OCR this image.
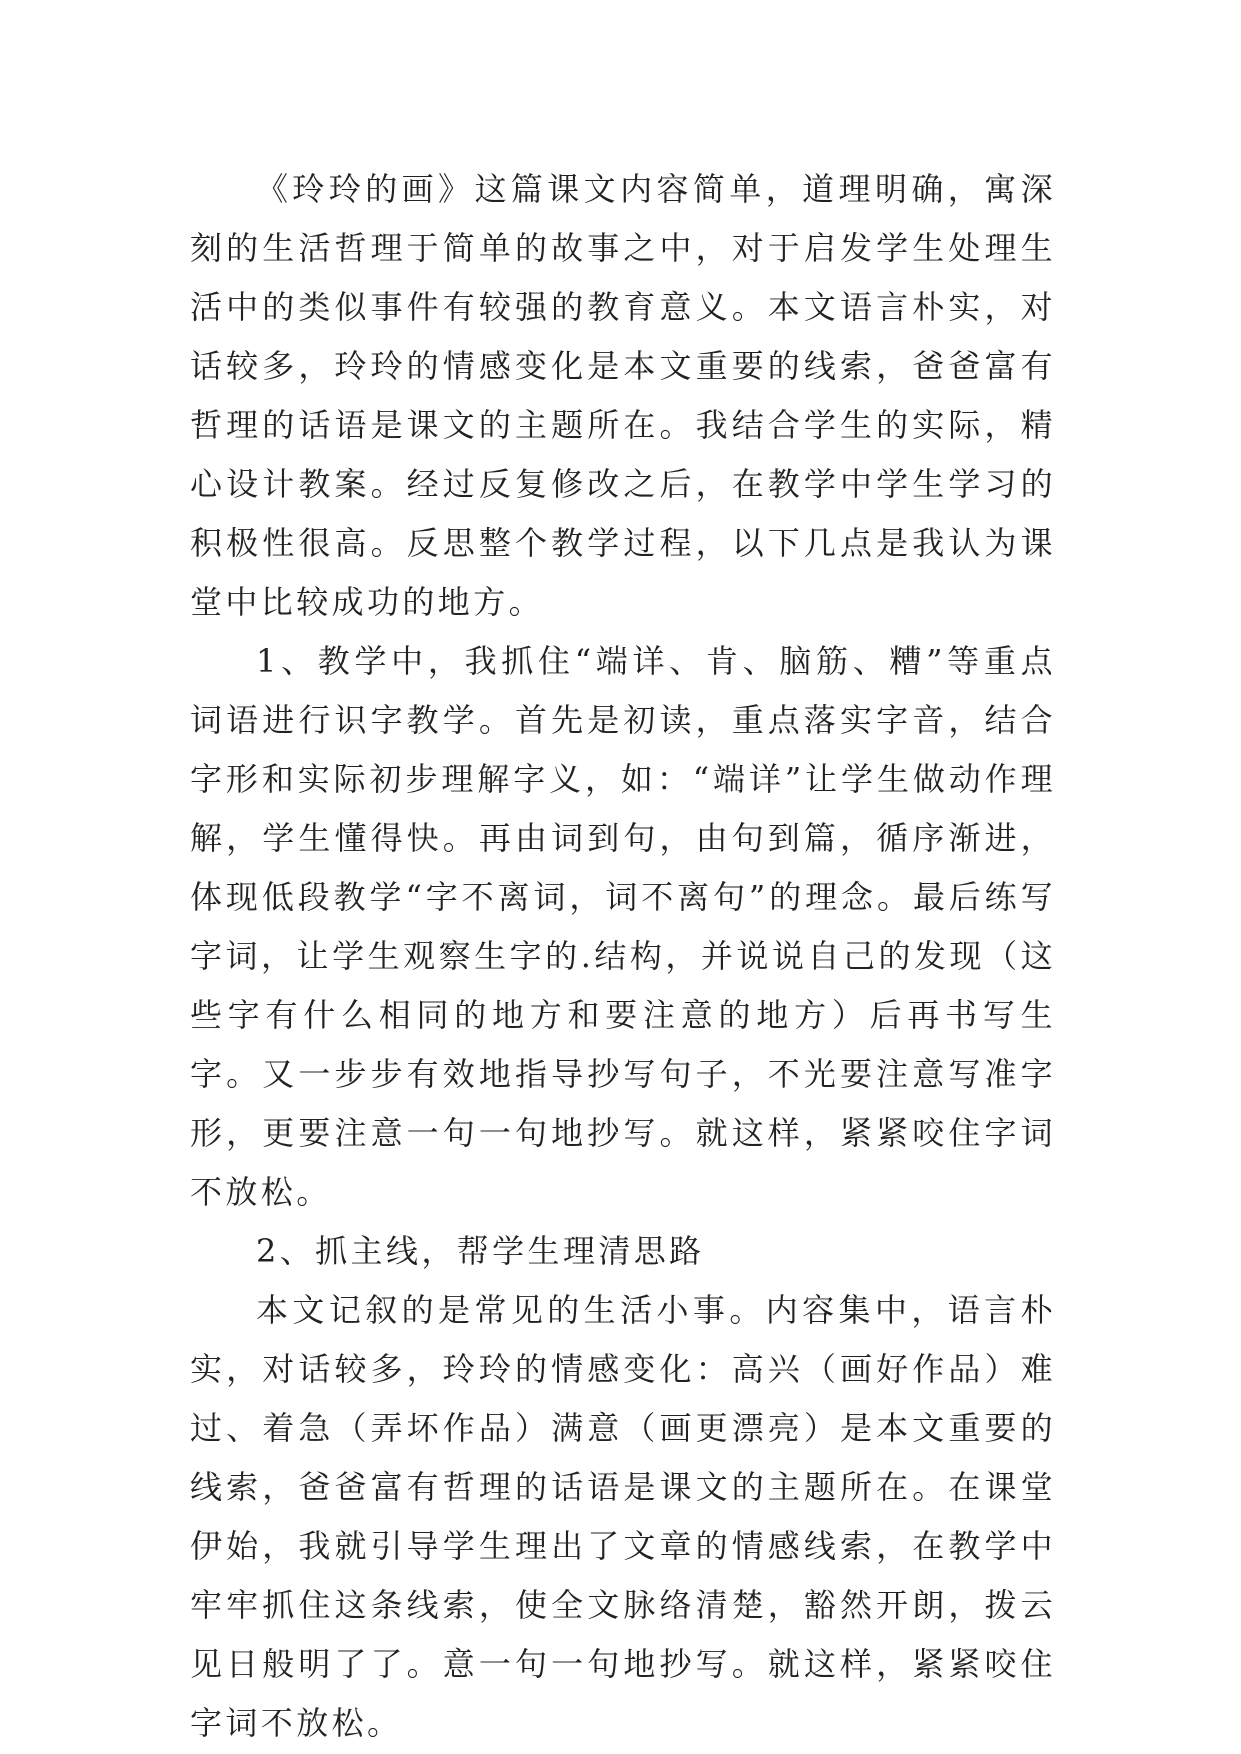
《玲玲的画》这篇课文内容简单，道理明确，寓深刻的生活哲理于简单的故事之中，对于启发学生处理生活中的类似事件有较强的教育意义。本文语言朴实，对话较多，玲玲的情感变化是本文重要的线索，爸爸富有哲理的话语是课文的主题所在。我结合学生的实际，精心设计教案。经过反复修改之后，在教学中学生学习的积极性很高。反思整个教学过程，以下几点是我认为课堂中比较成功的地方。

1、教学中，我抓住“端详、肯、脑筋、糟”等重点词语进行识字教学。首先是初读，重点落实字音，结合字形和实际初步理解字义，如：“端详”让学生做动作理解，学生懂得快。再由词到句，由句到篇，循序渐进，体现低段教学“字不离词，词不离句”的理念。最后练写字词，让学生观察生字的.结构，并说说自己的发现（这些字有什么相同的地方和要注意的地方）后再书写生字。又一步步有效地指导抄写句子，不光要注意写准字形，更要注意一句一句地抄写。就这样，紧紧咬住字词不放松。

2、抓主线，帮学生理清思路

本文记叙的是常见的生活小事。内容集中，语言朴实，对话较多，玲玲的情感变化：高兴（画好作品）难过、着急（弄坏作品）满意（画更漂亮）是本文重要的线索，爸爸富有哲理的话语是课文的主题所在。在课堂伊始，我就引导学生理出了文章的情感线索，在教学中牢牢抓住这条线索，使全文脉络清楚，豁然开朗，拨云见日般明了了。意一句一句地抄写。就这样，紧紧咬住字词不放松。
